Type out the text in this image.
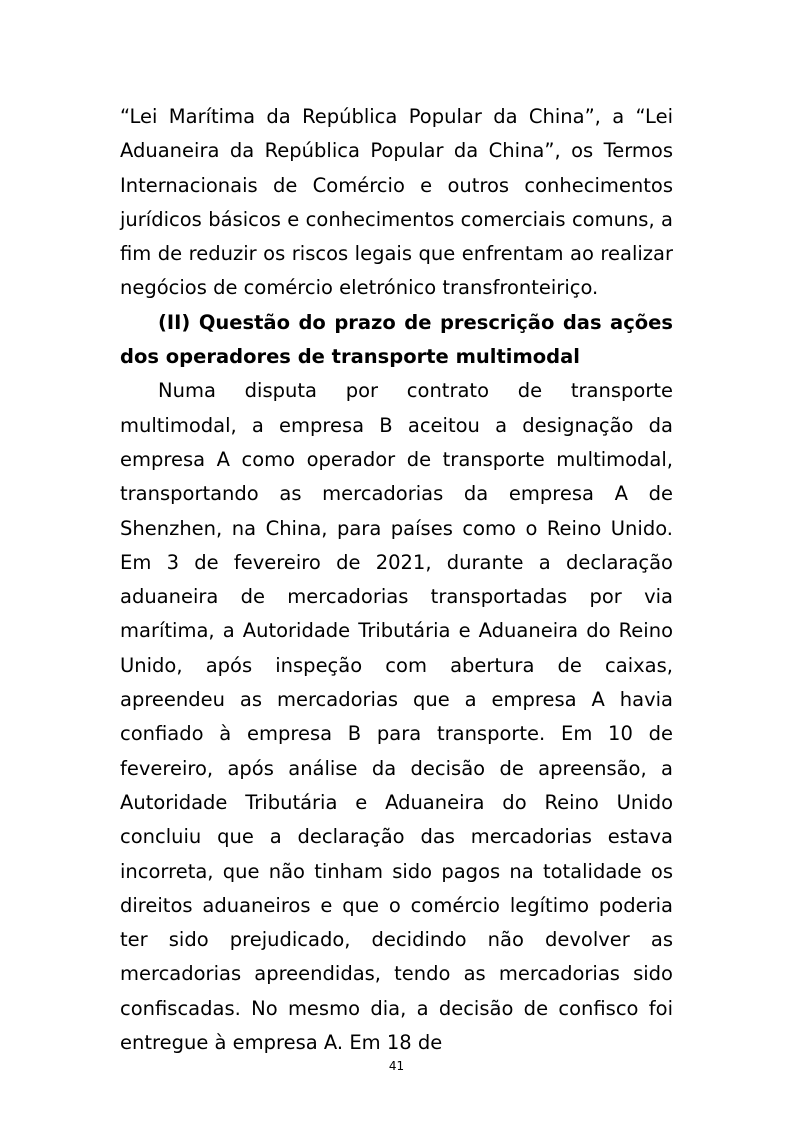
“Lei Marítima da República Popular da China”, a “Lei Aduaneira da República Popular da China”, os Termos Internacionais de Comércio e outros conhecimentos jurídicos básicos e conhecimentos comerciais comuns, a fim de reduzir os riscos legais que enfrentam ao realizar negócios de comércio eletrónico transfronteiriço.

(II) Questão do prazo de prescrição das ações dos operadores de transporte multimodal

Numa disputa por contrato de transporte multimodal, a empresa B aceitou a designação da empresa A como operador de transporte multimodal, transportando as mercadorias da empresa A de Shenzhen, na China, para países como o Reino Unido. Em 3 de fevereiro de 2021, durante a declaração aduaneira de mercadorias transportadas por via marítima, a Autoridade Tributária e Aduaneira do Reino Unido, após inspeção com abertura de caixas, apreendeu as mercadorias que a empresa A havia confiado à empresa B para transporte. Em 10 de fevereiro, após análise da decisão de apreensão, a Autoridade Tributária e Aduaneira do Reino Unido concluiu que a declaração das mercadorias estava incorreta, que não tinham sido pagos na totalidade os direitos aduaneiros e que o comércio legítimo poderia ter sido prejudicado, decidindo não devolver as mercadorias apreendidas, tendo as mercadorias sido confiscadas. No mesmo dia, a decisão de confisco foi entregue à empresa A. Em 18 de

41
